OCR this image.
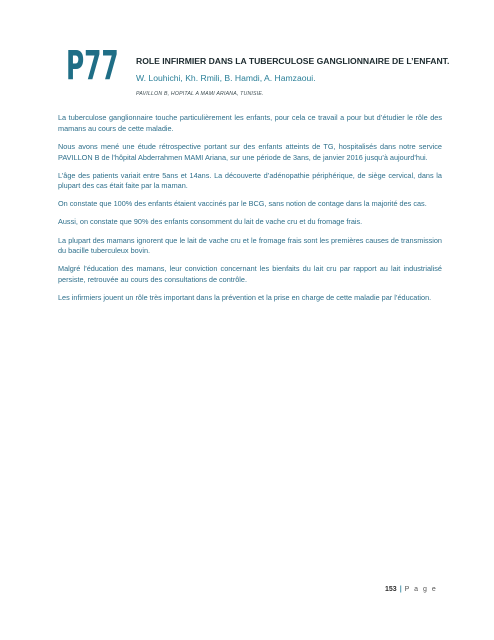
P77 ROLE INFIRMIER DANS LA TUBERCULOSE GANGLIONNAIRE DE L’ENFANT.
W. Louhichi, Kh. Rmili, B. Hamdi, A. Hamzaoui.
PAVILLON B, HOPITAL A MAMI ARIANA, TUNISIE.

La tuberculose ganglionnaire touche particulièrement les enfants, pour cela ce travail a pour but d’étudier le rôle des mamans au cours de cette maladie.

Nous avons mené une étude rétrospective portant sur des enfants atteints de TG, hospitalisés dans notre service PAVILLON B de l’hôpital Abderrahmen MAMI Ariana, sur une période de 3ans, de janvier 2016 jusqu’à aujourd’hui.

L’âge des patients variait entre 5ans et 14ans. La découverte d’adénopathie périphérique, de siège cervical, dans la plupart des cas était faite par la maman.

On constate que 100% des enfants étaient vaccinés par le BCG, sans notion de contage dans la majorité des cas.

Aussi, on constate que 90% des enfants consomment du lait de vache cru et du fromage frais.

La plupart des mamans ignorent que le lait de vache cru et le fromage frais sont les premières causes de transmission du bacille tuberculeux bovin.

Malgré l’éducation des mamans, leur conviction concernant les bienfaits du lait cru par rapport au lait industrialisé persiste, retrouvée au cours des consultations de contrôle.

Les infirmiers jouent un rôle très important dans la prévention et la prise en charge de cette maladie par l’éducation.

153 | P a g e
